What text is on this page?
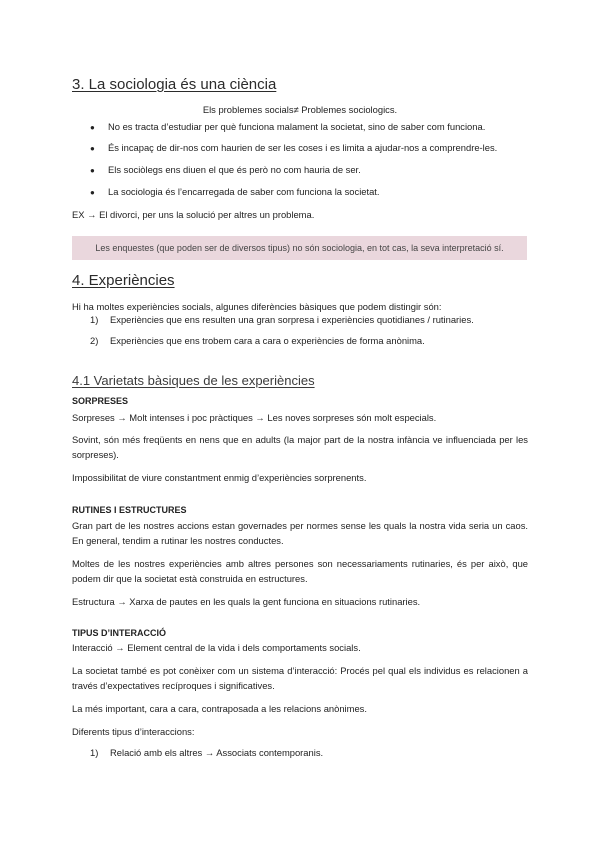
3. La sociologia és una ciència
Els problemes socials≠ Problemes sociologics.
● No es tracta d’estudiar per què funciona malament la societat, sino de saber com funciona.
● És incapaç de dir-nos com haurien de ser les coses i es limita a ajudar-nos a comprendre-les.
● Els sociòlegs ens diuen el que és però no com hauria de ser.
● La sociologia és l’encarregada de saber com funciona la societat.
EX → El divorci, per uns la solució per altres un problema.
Les enquestes (que poden ser de diversos tipus) no són sociologia, en tot cas, la seva interpretació sí.
4. Experiències
Hi ha moltes experiències socials, algunes diferències bàsiques que podem distingir són:
1) Experiències que ens resulten una gran sorpresa i experiències quotidianes / rutinaries.
2) Experiències que ens trobem cara a cara o experiències de forma anònima.
4.1 Varietats bàsiques de les experiències
SORPRESES
Sorpreses → Molt intenses i poc pràctiques → Les noves sorpreses són molt especials.
Sovint, són més freqüents en nens que en adults (la major part de la nostra infància ve influenciada per les sorpreses).
Impossibilitat de viure constantment enmig d’experiències sorprenents.
RUTINES I ESTRUCTURES
Gran part de les nostres accions estan governades per normes sense les quals la nostra vida seria un caos. En general, tendim a rutinar les nostres conductes.
Moltes de les nostres experiències amb altres persones son necessariaments rutinaries, és per això, que podem dir que la societat està construida en estructures.
Estructura → Xarxa de pautes en les quals la gent funciona en situacions rutinaries.
TIPUS D’INTERACCIÓ
Interacció → Element central de la vida i dels comportaments socials.
La societat també es pot conèixer com un sistema d’interacció: Procés pel qual els individus es relacionen a través d’expectatives recíproques i significatives.
La més important, cara a cara, contraposada a les relacions anònimes.
Diferents tipus d’interaccions:
1) Relació amb els altres → Associats contemporanis.
